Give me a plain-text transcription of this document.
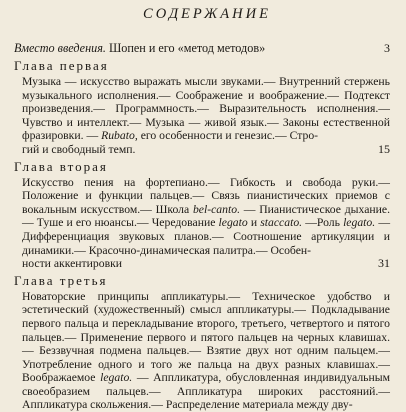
СОДЕРЖАНИЕ
Вместо введения. Шопен и его «метод методов»	3
Глава первая
Музыка — искусство выражать мысли звуками.— Внутренний стержень музыкального исполнения.— Соображение и воображение.— Подтекст произведения.— Программность.— Выразительность исполнения.— Чувство и интеллект.— Музыка — живой язык.— Законы естественной фразировки. — Rubato, его особенности и генезис.— Стро-
гий и свободный темп.	15
Глава вторая
Искусство пения на фортепиано.— Гибкость и свобода руки.— Положение и функции пальцев.— Связь пианистических приемов с вокальным искусством.— Школа bel-canto. — Пианистическое дыхание.— Туше и его нюансы.— Чередование legato и staccato. —Роль legato. — Дифференциация звуковых планов.— Соотношение артикуляции и динамики.— Красочно-динамическая палитра.— Особен-
ности аккентировки	31
Глава третья
Новаторские принципы аппликатуры.— Техническое удобство и эстетический (художественный) смысл аппликатуры.— Подкладывание первого пальца и перекладывание второго, третьего, четвертого и пятого пальцев.— Применение первого и пятого пальцев на черных клавишах.— Беззвучная подмена пальцев.— Взятие двух нот одним пальцем.— Употребление одного и того же пальца на двух разных клавишах.— Воображаемое legato. — Аппликатура, обусловленная индивидуальным своеобразием пальцев.— Аппликатура широких расстояний.— Аппликатура скольжения.— Распределение материала между дву-
